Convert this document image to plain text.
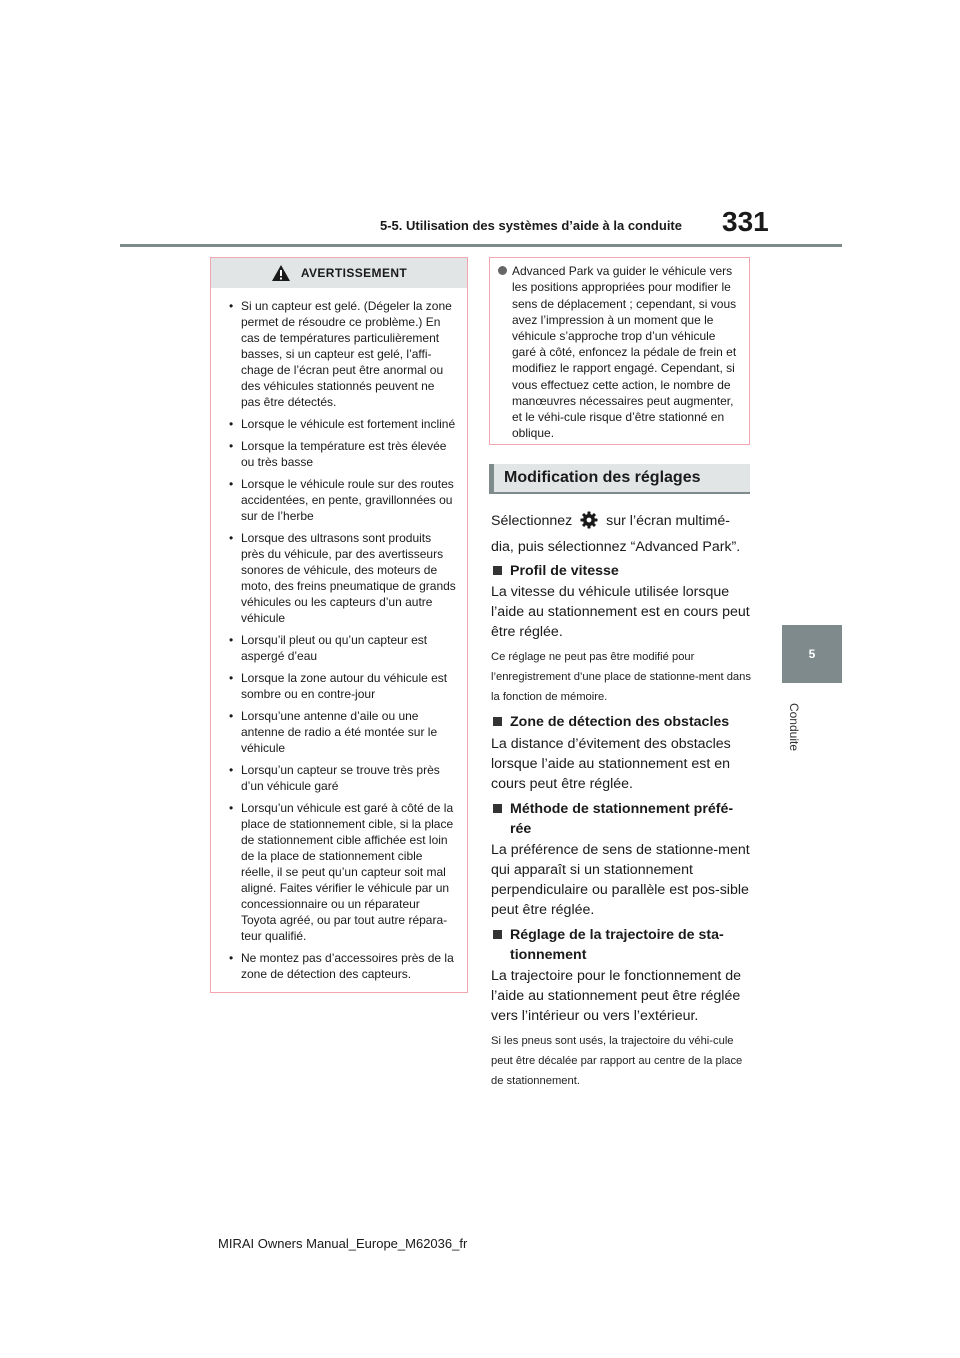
5-5. Utilisation des systèmes d’aide à la conduite 331
5
Conduite
AVERTISSEMENT
• Si un capteur est gelé. (Dégeler la zone permet de résoudre ce problème.) En cas de températures particulièrement basses, si un capteur est gelé, l’affi-chage de l’écran peut être anormal ou des véhicules stationnés peuvent ne pas être détectés.
• Lorsque le véhicule est fortement incliné
• Lorsque la température est très élevée ou très basse
• Lorsque le véhicule roule sur des routes accidentées, en pente, gravillonnées ou sur de l’herbe
• Lorsque des ultrasons sont produits près du véhicule, par des avertisseurs sonores de véhicule, des moteurs de moto, des freins pneumatique de grands véhicules ou les capteurs d’un autre véhicule
• Lorsqu’il pleut ou qu’un capteur est aspergé d’eau
• Lorsque la zone autour du véhicule est sombre ou en contre-jour
• Lorsqu’une antenne d’aile ou une antenne de radio a été montée sur le véhicule
• Lorsqu’un capteur se trouve très près d’un véhicule garé
• Lorsqu’un véhicule est garé à côté de la place de stationnement cible, si la place de stationnement cible affichée est loin de la place de stationnement cible réelle, il se peut qu’un capteur soit mal aligné. Faites vérifier le véhicule par un concessionnaire ou un réparateur Toyota agréé, ou par tout autre répara-teur qualifié.
• Ne montez pas d’accessoires près de la zone de détection des capteurs.
Advanced Park va guider le véhicule vers les positions appropriées pour modifier le sens de déplacement ; cependant, si vous avez l’impression à un moment que le véhicule s’approche trop d’un véhicule garé à côté, enfoncez la pédale de frein et modifiez le rapport engagé. Cependant, si vous effectuez cette action, le nombre de manœuvres nécessaires peut augmenter, et le véhi-cule risque d’être stationné en oblique.
Modification des réglages
Sélectionnez sur l’écran multimé-
dia, puis sélectionnez “Advanced Park”.
Profil de vitesse
La vitesse du véhicule utilisée lorsque l’aide au stationnement est en cours peut être réglée.
Ce réglage ne peut pas être modifié pour l’enregistrement d’une place de stationne-ment dans la fonction de mémoire.
Zone de détection des obstacles
La distance d’évitement des obstacles lorsque l’aide au stationnement est en cours peut être réglée.
Méthode de stationnement préfé-rée
La préférence de sens de stationne-ment qui apparaît si un stationnement perpendiculaire ou parallèle est pos-sible peut être réglée.
Réglage de la trajectoire de sta-tionnement
La trajectoire pour le fonctionnement de l’aide au stationnement peut être réglée vers l’intérieur ou vers l’extérieur.
Si les pneus sont usés, la trajectoire du véhi-cule peut être décalée par rapport au centre de la place de stationnement.
MIRAI Owners Manual_Europe_M62036_fr
